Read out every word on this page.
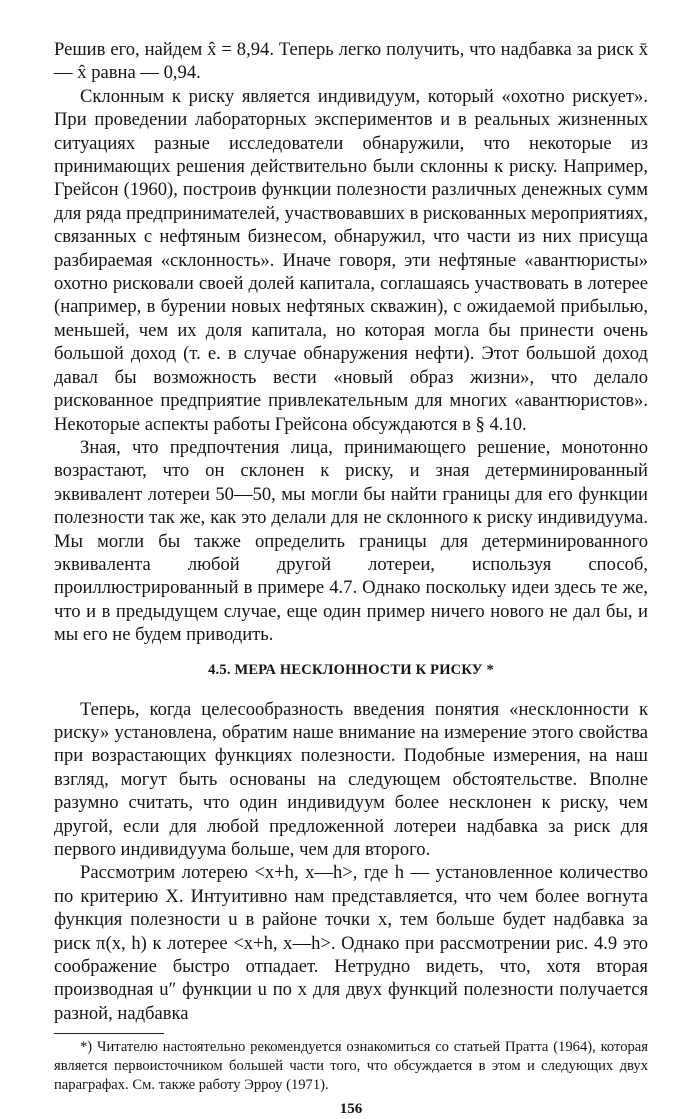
Решив его, найдем x̂ = 8,94. Теперь легко получить, что надбавка за риск x̄ — x̂ равна — 0,94.

Склонным к риску является индивидуум, который «охотно рискует». При проведении лабораторных экспериментов и в реальных жизненных ситуациях разные исследователи обнаружили, что некоторые из принимающих решения действительно были склонны к риску. Например, Грейсон (1960), построив функции полезности различных денежных сумм для ряда предпринимателей, участвовавших в рискованных мероприятиях, связанных с нефтяным бизнесом, обнаружил, что части из них присуща разбираемая «склонность». Иначе говоря, эти нефтяные «авантюристы» охотно рисковали своей долей капитала, соглашаясь участвовать в лотерее (например, в бурении новых нефтяных скважин), с ожидаемой прибылью, меньшей, чем их доля капитала, но которая могла бы принести очень большой доход (т. е. в случае обнаружения нефти). Этот большой доход давал бы возможность вести «новый образ жизни», что делало рискованное предприятие привлекательным для многих «авантюристов». Некоторые аспекты работы Грейсона обсуждаются в § 4.10.

Зная, что предпочтения лица, принимающего решение, монотонно возрастают, что он склонен к риску, и зная детерминированный эквивалент лотереи 50—50, мы могли бы найти границы для его функции полезности так же, как это делали для не склонного к риску индивидуума. Мы могли бы также определить границы для детерминированного эквивалента любой другой лотереи, используя способ, проиллюстрированный в примере 4.7. Однако поскольку идеи здесь те же, что и в предыдущем случае, еще один пример ничего нового не дал бы, и мы его не будем приводить.

4.5. МЕРА НЕСКЛОННОСТИ К РИСКУ *

Теперь, когда целесообразность введения понятия «несклонности к риску» установлена, обратим наше внимание на измерение этого свойства при возрастающих функциях полезности. Подобные измерения, на наш взгляд, могут быть основаны на следующем обстоятельстве. Вполне разумно считать, что один индивидуум более несклонен к риску, чем другой, если для любой предложенной лотереи надбавка за риск для первого индивидуума больше, чем для второго.

Рассмотрим лотерею <x+h, x—h>, где h — установленное количество по критерию X. Интуитивно нам представляется, что чем более вогнута функция полезности u в районе точки x, тем больше будет надбавка за риск π(x, h) к лотерее <x+h, x—h>. Однако при рассмотрении рис. 4.9 это соображение быстро отпадает. Нетрудно видеть, что, хотя вторая производная u″ функции u по x для двух функций полезности получается разной, надбавка

*) Читателю настоятельно рекомендуется ознакомиться со статьей Пратта (1964), которая является первоисточником большей части того, что обсуждается в этом и следующих двух параграфах. См. также работу Эрроу (1971).

156
